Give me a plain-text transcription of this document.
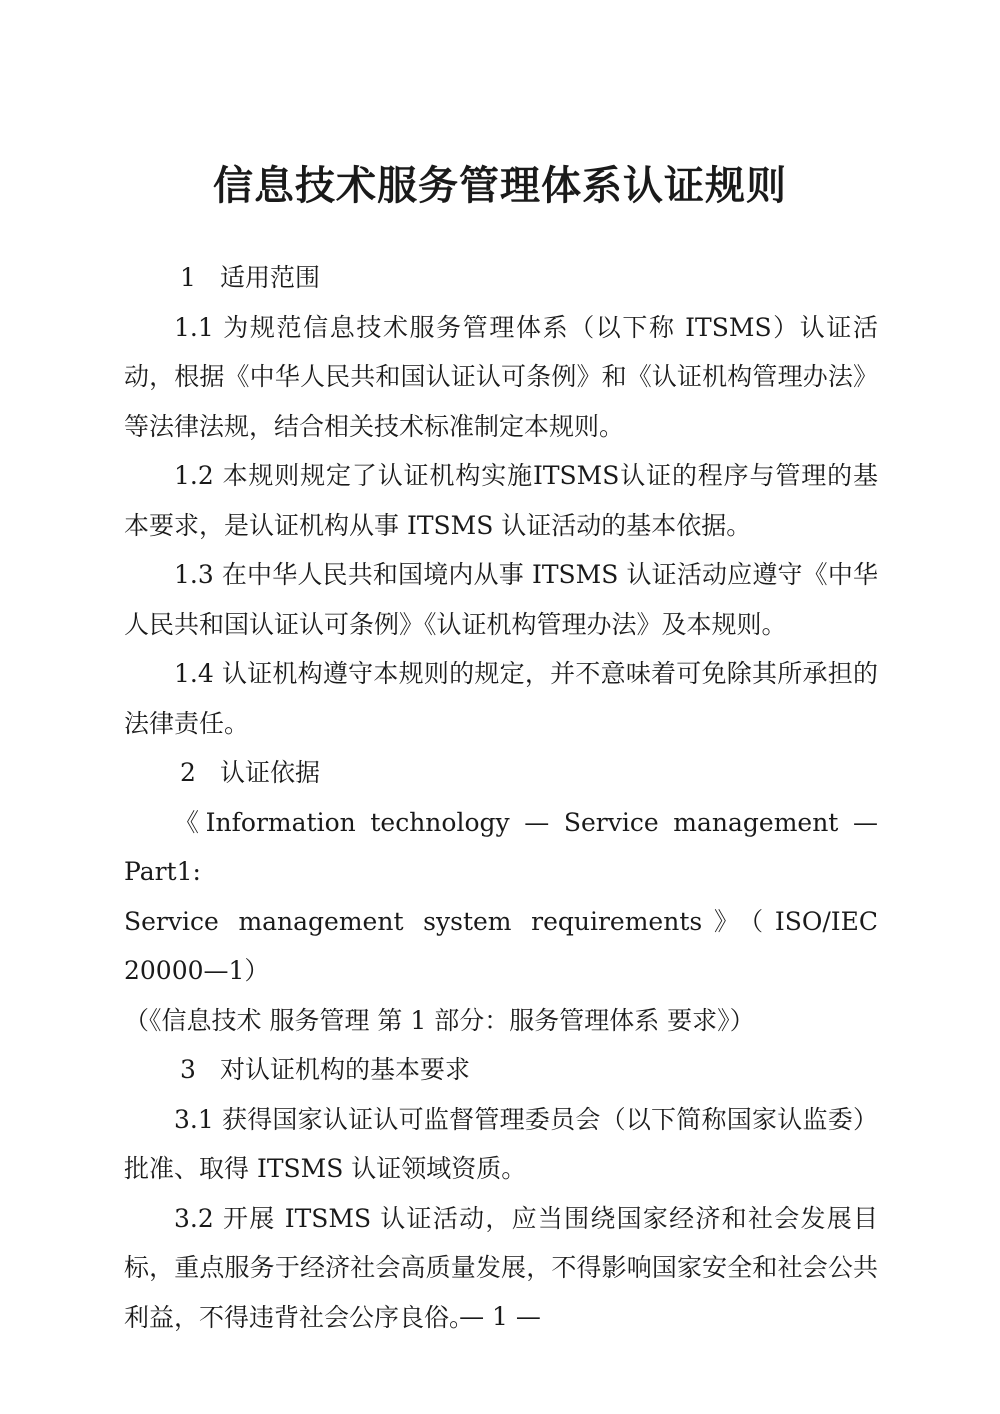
信息技术服务管理体系认证规则

1 适用范围

1.1 为规范信息技术服务管理体系（以下称 ITSMS）认证活动，根据《中华人民共和国认证认可条例》和《认证机构管理办法》等法律法规，结合相关技术标准制定本规则。

1.2 本规则规定了认证机构实施ITSMS认证的程序与管理的基本要求，是认证机构从事 ITSMS 认证活动的基本依据。

1.3 在中华人民共和国境内从事 ITSMS 认证活动应遵守《中华人民共和国认证认可条例》《认证机构管理办法》及本规则。

1.4 认证机构遵守本规则的规定，并不意味着可免除其所承担的法律责任。

2 认证依据

《Information technology — Service management — Part1:

Service management system requirements》（ISO/IEC 20000—1）

（《信息技术 服务管理 第 1 部分：服务管理体系 要求》）

3 对认证机构的基本要求

3.1 获得国家认证认可监督管理委员会（以下简称国家认监委）批准、取得 ITSMS 认证领域资质。

3.2 开展 ITSMS 认证活动，应当围绕国家经济和社会发展目标，重点服务于经济社会高质量发展，不得影响国家安全和社会公共利益，不得违背社会公序良俗。

— 1 —
